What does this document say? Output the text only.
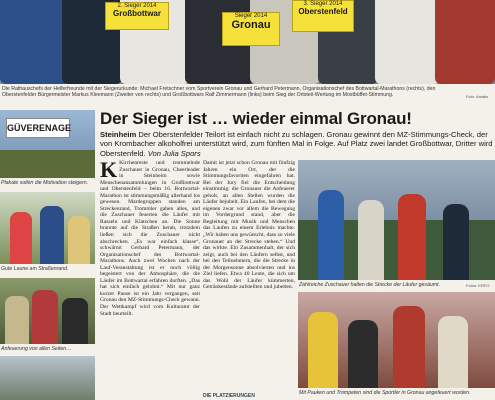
2. Sieger 2014
Großbottwar	Sieger 2014
Gronau
3. Sieger 2014
Oberstenfeld
Die Rathauschefs der Helferfreunde mit der Siegerurkunde: Michael Fretschner vom Sportverein Gronau und Gerhard Petermann, Organisationschef des Bottwartal-Marathons (rechts), den Oberstenfelder Bürgermeister Markus Kleemann (Zweiter von rechts) und Großbottwars Ralf Zimmermann (links) beim Sieg der Ortsteil-Wertung im Mostbüffet-Stimmung.	Foto: Amatis
GÜVERENAGE
Plakate sollen die Motivation steigern.
Gute Laune am Straßenrand.
Anfeuerung von allen Seiten…
Der Sieger ist … wieder einmal Gronau!
Steinheim Der Oberstenfelder Teilort ist einfach nicht zu schlagen. Gronau gewinnt den MZ-Stimmungs-Check, der von Krombacher alkoholfrei unterstützt wird, zum fünften Mal in Folge. Auf Platz zwei landet Großbottwar, Dritter wird Oberstenfeld. Von Julia Spors
K Kirchenreste und trommelnde Zuschauer in Gronau, Cheerleader in Steinheim sowie Menschenansammlungen in Großbottwar und Oberstenfeld – beim 16. Bottwartal-Marathon ist stimmungsmäßig allerhand los gewesen. Mardegruppen standen am Streckenrand, Trommler gaben alles, und die Zuschauer feuerten die Läufer mit Rasseln und Klatschen an. Die Sonne brannte auf die Straßen herab, trotzdem ließen sich die Zuschauer nicht abschrecken. „Es war einfach klasse“, schwärmt Gerhard Petermann, der Organisationschef des Bottwartal-Marathons. Auch zwei Wochen nach der Lauf-Veranstaltung ist er noch völlig begeistert von der Atmosphäre, die die Läufer im Bottwartal erfahren durften. „Das hat sich einfach gelohnt.“ Mit nur ganz kurzer Pause ist ein Jahr vergangen, seit Gronau den MZ-Stimmungs-Check gewann. Der Wettkampf wird vom Kulturamt der Stadt beurteilt.
Damit ist jetzt schon Gronau mit fünfzig Jahren ein Ort, der die Stimmungsfavoriten eingefahren hat. Bei der Jury fiel die Entscheidung einstimmig: die Gronauer die Anfeuerer geholt, an allen Stellen wurden die Läufer bejubelt. Ein Laufen, bei dem die eigenen zwar vor allem die Bewegung im Vordergrund stand, aber die Begleitung mit Musik und Menschen das Laufen zu einem Erlebnis machte. „Wir haben uns gewünscht, dass so viele Gronauer an der Strecke stehen.“ Und das wirkte. Ein Zusammenhalt, der sich zeigt, auch bei den Läufern selbst, und bei den Teilnehmern, die die Strecke in der Morgensonne absolvierten und ins Ziel liefen. Etwa 40 Leute, die sich um das Wohl der Läufer kümmerten, Getränkestände aufstellten und jubelten.	Zahlreiche Zuschauer halten die Strecke der Läufer gesäumt.	Fotos: KRFG
Mit Pauken und Trompeten sind die Sportler in Gronau angefeuert worden.
DIE PLATZIERUNGEN
